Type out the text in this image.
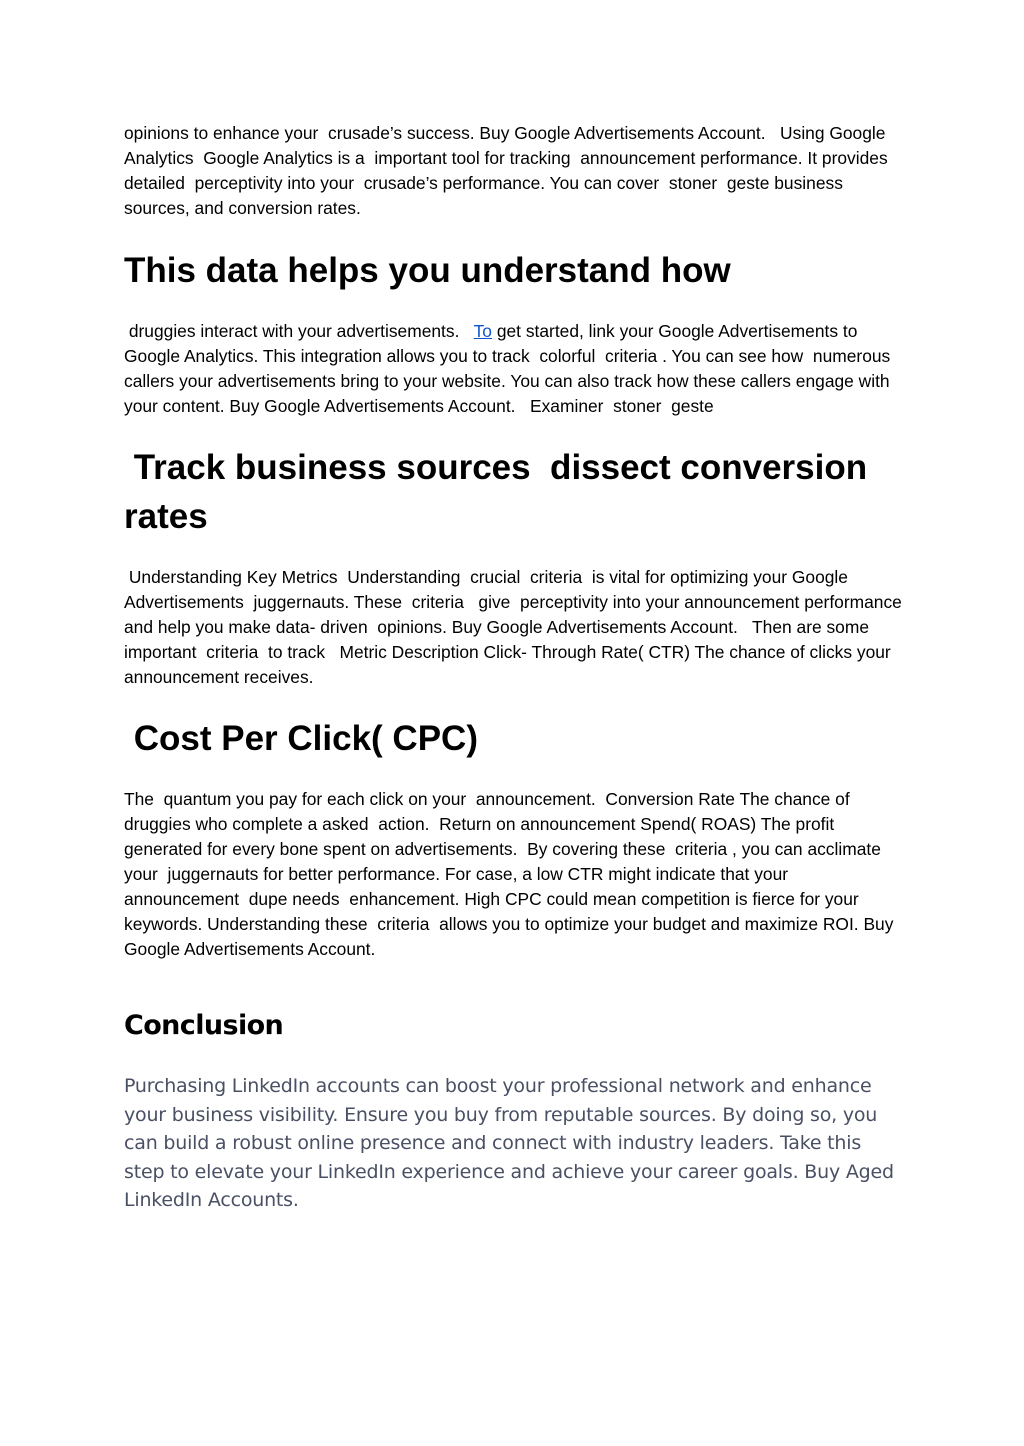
opinions to enhance your  crusade’s success. Buy Google Advertisements Account.   Using Google Analytics  Google Analytics is a  important tool for tracking  announcement performance. It provides detailed  perceptivity into your  crusade’s performance. You can cover  stoner  geste business sources, and conversion rates.

This data helps you understand how

druggies interact with your advertisements.   To get started, link your Google Advertisements to Google Analytics. This integration allows you to track  colorful  criteria . You can see how  numerous callers your advertisements bring to your website. You can also track how these callers engage with your content. Buy Google Advertisements Account.   Examiner  stoner  geste

Track business sources  dissect conversion rates

Understanding Key Metrics  Understanding  crucial  criteria  is vital for optimizing your Google Advertisements  juggernauts. These  criteria   give  perceptivity into your announcement performance and help you make data- driven  opinions. Buy Google Advertisements Account.   Then are some important  criteria  to track   Metric Description Click- Through Rate( CTR) The chance of clicks your  announcement receives.

Cost Per Click( CPC)

The  quantum you pay for each click on your  announcement.  Conversion Rate The chance of  druggies who complete a asked  action.  Return on announcement Spend( ROAS) The profit generated for every bone spent on advertisements.  By covering these  criteria , you can acclimate your  juggernauts for better performance. For case, a low CTR might indicate that your  announcement  dupe needs  enhancement. High CPC could mean competition is fierce for your keywords. Understanding these  criteria  allows you to optimize your budget and maximize ROI. Buy Google Advertisements Account.

Conclusion

Purchasing LinkedIn accounts can boost your professional network and enhance your business visibility. Ensure you buy from reputable sources. By doing so, you can build a robust online presence and connect with industry leaders. Take this step to elevate your LinkedIn experience and achieve your career goals. Buy Aged LinkedIn Accounts.
